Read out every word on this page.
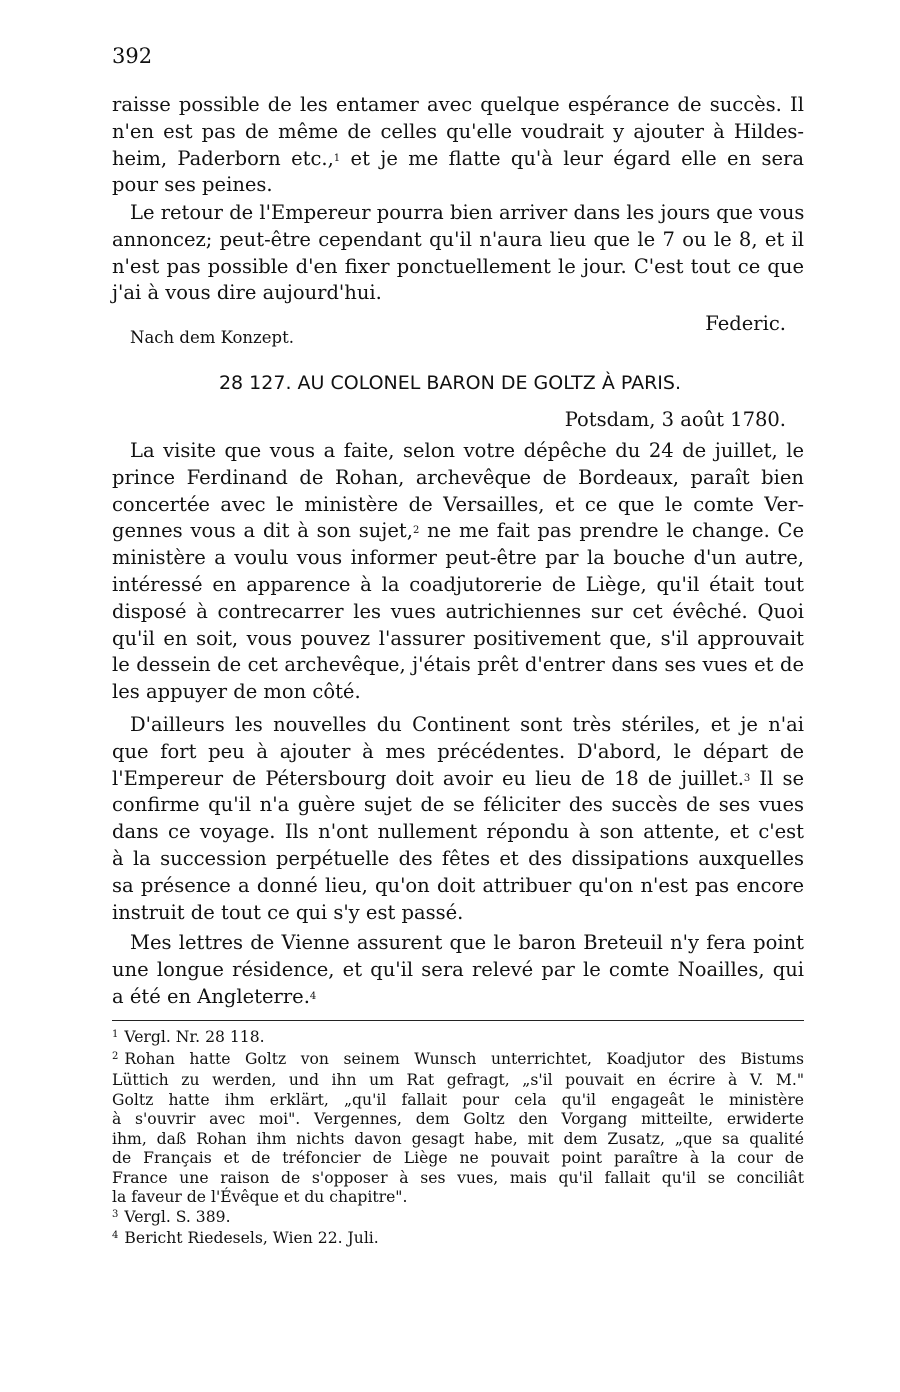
392
raisse possible de les entamer avec quelque espérance de succès. Il
n'en est pas de même de celles qu'elle voudrait y ajouter à Hildes-
heim, Paderborn etc.,$^1$ et je me flatte qu'à leur égard elle en sera
pour ses peines.
Le retour de l'Empereur pourra bien arriver dans les jours que vous
annoncez; peut-être cependant qu'il n'aura lieu que le 7 ou le 8, et il
n'est pas possible d'en fixer ponctuellement le jour. C'est tout ce que
j'ai à vous dire aujourd'hui.
Nach dem Konzept.
Federic.
28 127. AU COLONEL BARON DE GOLTZ À PARIS.
Potsdam, 3 août 1780.
La visite que vous a faite, selon votre dépêche du 24 de juillet, le
prince Ferdinand de Rohan, archevêque de Bordeaux, paraît bien
concertée avec le ministère de Versailles, et ce que le comte Ver-
gennes vous a dit à son sujet,$^2$ ne me fait pas prendre le change. Ce
ministère a voulu vous informer peut-être par la bouche d'un autre,
intéressé en apparence à la coadjutorerie de Liège, qu'il était tout
disposé à contrecarrer les vues autrichiennes sur cet évêché. Quoi
qu'il en soit, vous pouvez l'assurer positivement que, s'il approuvait
le dessein de cet archevêque, j'étais prêt d'entrer dans ses vues et de
les appuyer de mon côté.
D'ailleurs les nouvelles du Continent sont très stériles, et je n'ai
que fort peu à ajouter à mes précédentes. D'abord, le départ de
l'Empereur de Pétersbourg doit avoir eu lieu de 18 de juillet.$^3$ Il se
confirme qu'il n'a guère sujet de se féliciter des succès de ses vues
dans ce voyage. Ils n'ont nullement répondu à son attente, et c'est
à la succession perpétuelle des fêtes et des dissipations auxquelles
sa présence a donné lieu, qu'on doit attribuer qu'on n'est pas encore
instruit de tout ce qui s'y est passé.
Mes lettres de Vienne assurent que le baron Breteuil n'y fera point
une longue résidence, et qu'il sera relevé par le comte Noailles, qui
a été en Angleterre.$^4$
$^1$ Vergl. Nr. 28 118.
$^2$ Rohan hatte Goltz von seinem Wunsch unterrichtet, Koadjutor des Bistums
Lüttich zu werden, und ihn um Rat gefragt, „s'il pouvait en écrire à V. M."
Goltz hatte ihm erklärt, „qu'il fallait pour cela qu'il engageât le ministère
à s'ouvrir avec moi". Vergennes, dem Goltz den Vorgang mitteilte, erwiderte
ihm, daß Rohan ihm nichts davon gesagt habe, mit dem Zusatz, „que sa qualité
de Français et de tréfoncier de Liège ne pouvait point paraître à la cour de
France une raison de s'opposer à ses vues, mais qu'il fallait qu'il se conciliât
la faveur de l'Évêque et du chapitre".
$^3$ Vergl. S. 389.
$^4$ Bericht Riedesels, Wien 22. Juli.
